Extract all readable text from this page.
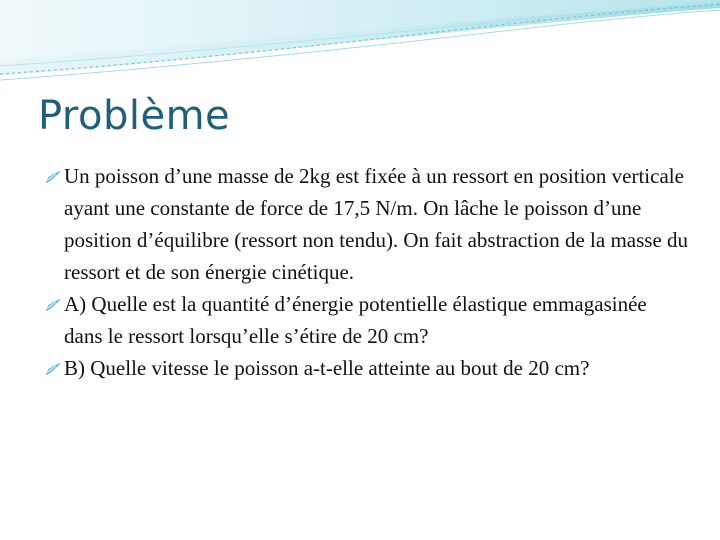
Problème
Un poisson d’une masse de 2kg est fixée à un ressort en position verticale ayant une constante de force de 17,5 N/m. On lâche le poisson d’une position d’équilibre (ressort non tendu). On fait abstraction de la masse du ressort et de son énergie cinétique.
A) Quelle est la quantité d’énergie potentielle élastique emmagasinée dans le ressort lorsqu’elle s’étire de 20 cm?
B) Quelle vitesse le poisson a-t-elle atteinte au bout de 20 cm?
